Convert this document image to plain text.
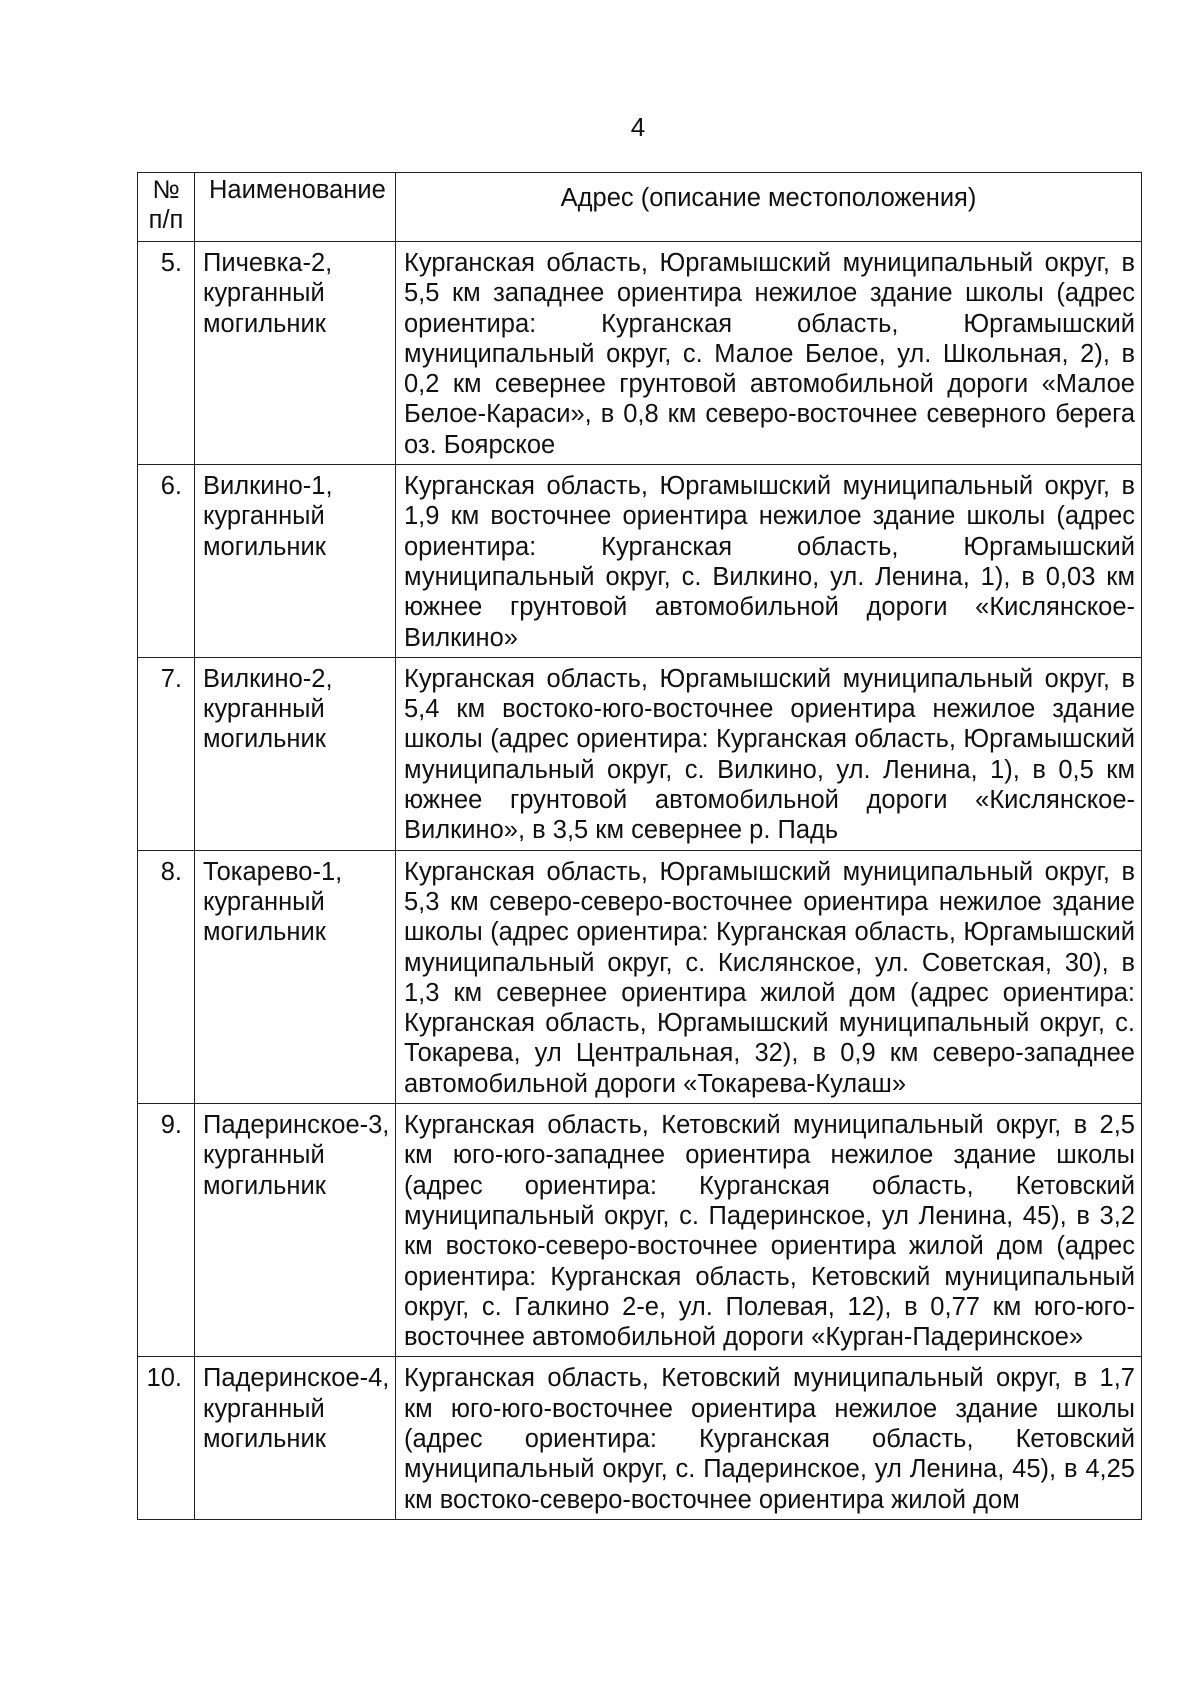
4
№ п/п	Наименование	Адрес (описание местоположения)
5.	Пичевка-2, курганный могильник	Курганская область, Юргамышский муниципальный округ, в 5,5 км западнее ориентира нежилое здание школы (адрес ориентира: Курганская область, Юргамышский муниципальный округ, с. Малое Белое, ул. Школьная, 2), в 0,2 км севернее грунтовой автомобильной дороги «Малое Белое-Караси», в 0,8 км северо-восточнее северного берега оз. Боярское
6.	Вилкино-1, курганный могильник	Курганская область, Юргамышский муниципальный округ, в 1,9 км восточнее ориентира нежилое здание школы (адрес ориентира: Курганская область, Юргамышский муниципальный округ, с. Вилкино, ул. Ленина, 1), в 0,03 км южнее грунтовой автомобильной дороги «Кислянское-Вилкино»
7.	Вилкино-2, курганный могильник	Курганская область, Юргамышский муниципальный округ, в 5,4 км востоко-юго-восточнее ориентира нежилое здание школы (адрес ориентира: Курганская область, Юргамышский муниципальный округ, с. Вилкино, ул. Ленина, 1), в 0,5 км южнее грунтовой автомобильной дороги «Кислянское-Вилкино», в 3,5 км севернее р. Падь
8.	Токарево-1, курганный могильник	Курганская область, Юргамышский муниципальный округ, в 5,3 км северо-северо-восточнее ориентира нежилое здание школы (адрес ориентира: Курганская область, Юргамышский муниципальный округ, с. Кислянское, ул. Советская, 30), в 1,3 км севернее ориентира жилой дом (адрес ориентира: Курганская область, Юргамышский муниципальный округ, с. Токарева, ул Центральная, 32), в 0,9 км северо-западнее автомобильной дороги «Токарева-Кулаш»
9.	Падеринское-3, курганный могильник	Курганская область, Кетовский муниципальный округ, в 2,5 км юго-юго-западнее ориентира нежилое здание школы (адрес ориентира: Курганская область, Кетовский муниципальный округ, с. Падеринское, ул Ленина, 45), в 3,2 км востоко-северо-восточнее ориентира жилой дом (адрес ориентира: Курганская область, Кетовский муниципальный округ, с. Галкино 2-е, ул. Полевая, 12), в 0,77 км юго-юго-восточнее автомобильной дороги «Курган-Падеринское»
10.	Падеринское-4, курганный могильник	Курганская область, Кетовский муниципальный округ, в 1,7 км юго-юго-восточнее ориентира нежилое здание школы (адрес ориентира: Курганская область, Кетовский муниципальный округ, с. Падеринское, ул Ленина, 45), в 4,25 км востоко-северо-восточнее ориентира жилой дом
